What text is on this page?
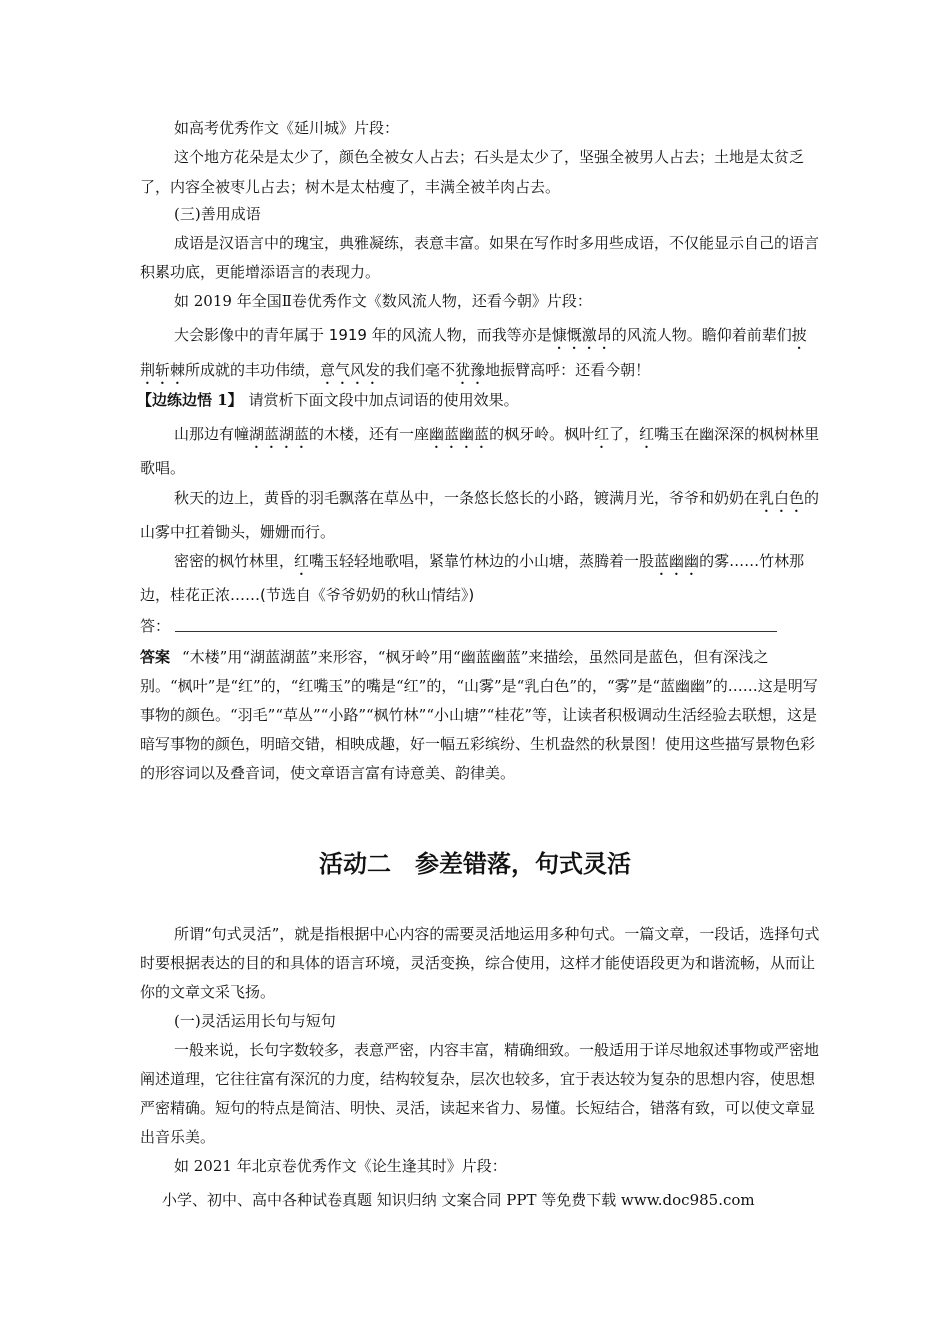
如高考优秀作文《延川城》片段：

这个地方花朵是太少了，颜色全被女人占去；石头是太少了，坚强全被男人占去；土地是太贫乏了，内容全被枣儿占去；树木是太枯瘦了，丰满全被羊肉占去。

(三)善用成语

成语是汉语言中的瑰宝，典雅凝练，表意丰富。如果在写作时多用些成语，不仅能显示自己的语言积累功底，更能增添语言的表现力。

如 2019 年全国Ⅱ卷优秀作文《数风流人物，还看今朝》片段：

大会影像中的青年属于 1919 年的风流人物，而我等亦是慷慨激昂的风流人物。瞻仰着前辈们披荆斩棘所成就的丰功伟绩，意气风发的我们毫不犹豫地振臂高呼：还看今朝！

【边练边悟 1】 请赏析下面文段中加点词语的使用效果。

山那边有幢湖蓝湖蓝的木楼，还有一座幽蓝幽蓝的枫牙岭。枫叶红了，红嘴玉在幽深深的枫树林里歌唱。

秋天的边上，黄昏的羽毛飘落在草丛中，一条悠长悠长的小路，镀满月光，爷爷和奶奶在乳白色的山雾中扛着锄头，姗姗而行。

密密的枫竹林里，红嘴玉轻轻地歌唱，紧靠竹林边的小山塘，蒸腾着一股蓝幽幽的雾……竹林那边，桂花正浓……(节选自《爷爷奶奶的秋山情结》)

答：

答案 “木楼”用“湖蓝湖蓝”来形容，“枫牙岭”用“幽蓝幽蓝”来描绘，虽然同是蓝色，但有深浅之别。“枫叶”是“红”的，“红嘴玉”的嘴是“红”的，“山雾”是“乳白色”的，“雾”是“蓝幽幽”的……这是明写事物的颜色。“羽毛”“草丛”“小路”“枫竹林”“小山塘”“桂花”等，让读者积极调动生活经验去联想，这是暗写事物的颜色，明暗交错，相映成趣，好一幅五彩缤纷、生机盎然的秋景图！使用这些描写景物色彩的形容词以及叠音词，使文章语言富有诗意美、韵律美。

活动二　参差错落，句式灵活

所谓“句式灵活”，就是指根据中心内容的需要灵活地运用多种句式。一篇文章，一段话，选择句式时要根据表达的目的和具体的语言环境，灵活变换，综合使用，这样才能使语段更为和谐流畅，从而让你的文章文采飞扬。

(一)灵活运用长句与短句

一般来说，长句字数较多，表意严密，内容丰富，精确细致。一般适用于详尽地叙述事物或严密地阐述道理，它往往富有深沉的力度，结构较复杂，层次也较多，宜于表达较为复杂的思想内容，使思想严密精确。短句的特点是简洁、明快、灵活，读起来省力、易懂。长短结合，错落有致，可以使文章显出音乐美。

如 2021 年北京卷优秀作文《论生逢其时》片段：

小学、初中、高中各种试卷真题 知识归纳 文案合同 PPT 等免费下载 www.doc985.com
